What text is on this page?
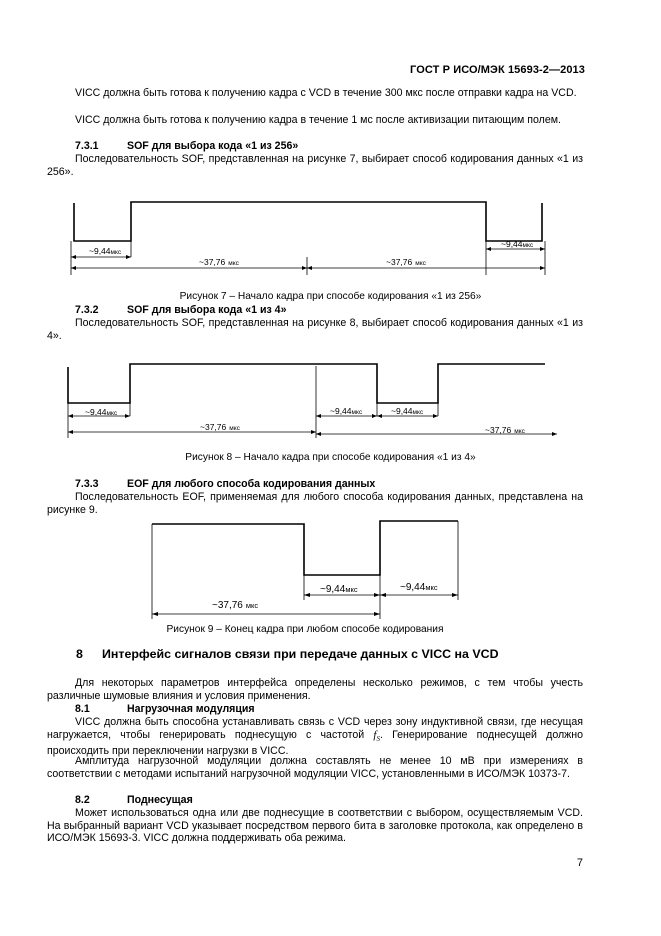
ГОСТ Р ИСО/МЭК 15693-2—2013
VICC должна быть готова к получению кадра с VCD в течение 300 мкс после отправки кадра на VCD.
VICC должна быть готова к получению кадра в течение 1 мс после активизации питающим полем.
7.3.1	SOF для выбора кода «1 из 256»
Последовательность SOF, представленная на рисунке 7, выбирает способ кодирования данных «1 из 256».
~9,44мкс
~37,76 мкс	~37,76 мкс
~9,44мкс
Рисунок 7 – Начало кадра при способе кодирования «1 из 256»
7.3.2	SOF для выбора кода «1 из 4»
Последовательность SOF, представленная на рисунке 8, выбирает способ кодирования данных «1 из 4».
~9,44мкс
~37,76 мкс
~9,44мкс	~9,44мкс
~37,76 мкс
Рисунок 8 – Начало кадра при способе кодирования «1 из 4»
7.3.3	EOF для любого способа кодирования данных
Последовательность EOF, применяемая для любого способа кодирования данных, представлена на рисунке 9.
~9,44мкс	~9,44мкс
~37,76 мкс
Рисунок 9 – Конец кадра при любом способе кодирования
8 Интерфейс сигналов связи при передаче данных с VICC на VCD
Для некоторых параметров интерфейса определены несколько режимов, с тем чтобы учесть различные шумовые влияния и условия применения.
8.1	Нагрузочная модуляция
VICC должна быть способна устанавливать связь с VCD через зону индуктивной связи, где несущая нагружается, чтобы генерировать поднесущую с частотой $f_S$. Генерирование поднесущей должно происходить при переключении нагрузки в VICC.
Амплитуда нагрузочной модуляции должна составлять не менее 10 мВ при измерениях в соответствии с методами испытаний нагрузочной модуляции VICC, установленными в ИСО/МЭК 10373-7.
8.2	Поднесущая
Может использоваться одна или две поднесущие в соответствии с выбором, осуществляемым VCD. На выбранный вариант VCD указывает посредством первого бита в заголовке протокола, как определено в ИСО/МЭК 15693-3. VICC должна поддерживать оба режима.
7
